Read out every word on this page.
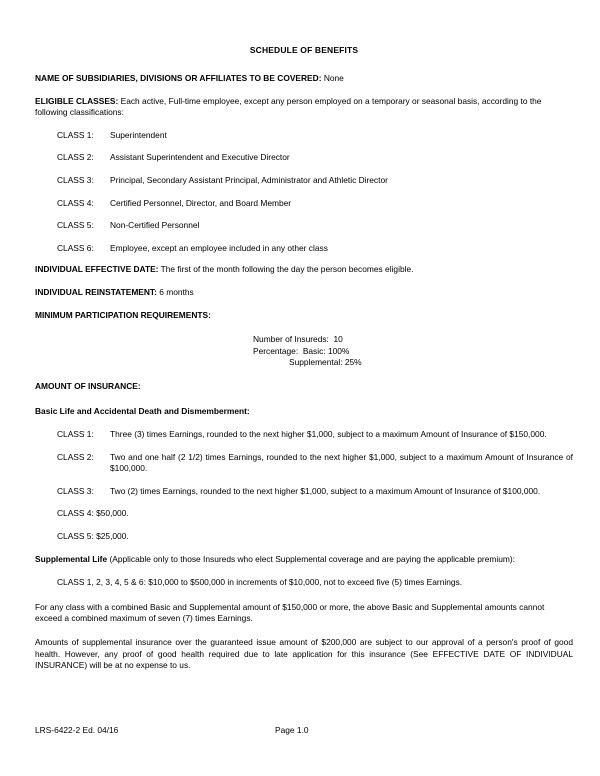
SCHEDULE OF BENEFITS
NAME OF SUBSIDIARIES, DIVISIONS OR AFFILIATES TO BE COVERED: None
ELIGIBLE CLASSES: Each active, Full-time employee, except any person employed on a temporary or seasonal basis, according to the following classifications:
CLASS 1:	Superintendent
CLASS 2:	Assistant Superintendent and Executive Director
CLASS 3:	Principal, Secondary Assistant Principal, Administrator and Athletic Director
CLASS 4:	Certified Personnel, Director, and Board Member
CLASS 5:	Non-Certified Personnel
CLASS 6:	Employee, except an employee included in any other class
INDIVIDUAL EFFECTIVE DATE: The first of the month following the day the person becomes eligible.
INDIVIDUAL REINSTATEMENT: 6 months
MINIMUM PARTICIPATION REQUIREMENTS:
Number of Insureds:  10
Percentage:  Basic: 100%
Supplemental: 25%
AMOUNT OF INSURANCE:
Basic Life and Accidental Death and Dismemberment:
CLASS 1:	Three (3) times Earnings, rounded to the next higher $1,000, subject to a maximum Amount of Insurance of $150,000.
CLASS 2:	Two and one half (2 1/2) times Earnings, rounded to the next higher $1,000, subject to a maximum Amount of Insurance of $100,000.
CLASS 3:	Two (2) times Earnings, rounded to the next higher $1,000, subject to a maximum Amount of Insurance of $100,000.
CLASS 4: $50,000.
CLASS 5: $25,000.
Supplemental Life (Applicable only to those Insureds who elect Supplemental coverage and are paying the applicable premium):
CLASS 1, 2, 3, 4, 5 & 6: $10,000 to $500,000 in increments of $10,000, not to exceed five (5) times Earnings.
For any class with a combined Basic and Supplemental amount of $150,000 or more, the above Basic and Supplemental amounts cannot exceed a combined maximum of seven (7) times Earnings.
Amounts of supplemental insurance over the guaranteed issue amount of $200,000 are subject to our approval of a person's proof of good health. However, any proof of good health required due to late application for this insurance (See EFFECTIVE DATE OF INDIVIDUAL INSURANCE) will be at no expense to us.
LRS-6422-2 Ed. 04/16	Page 1.0
